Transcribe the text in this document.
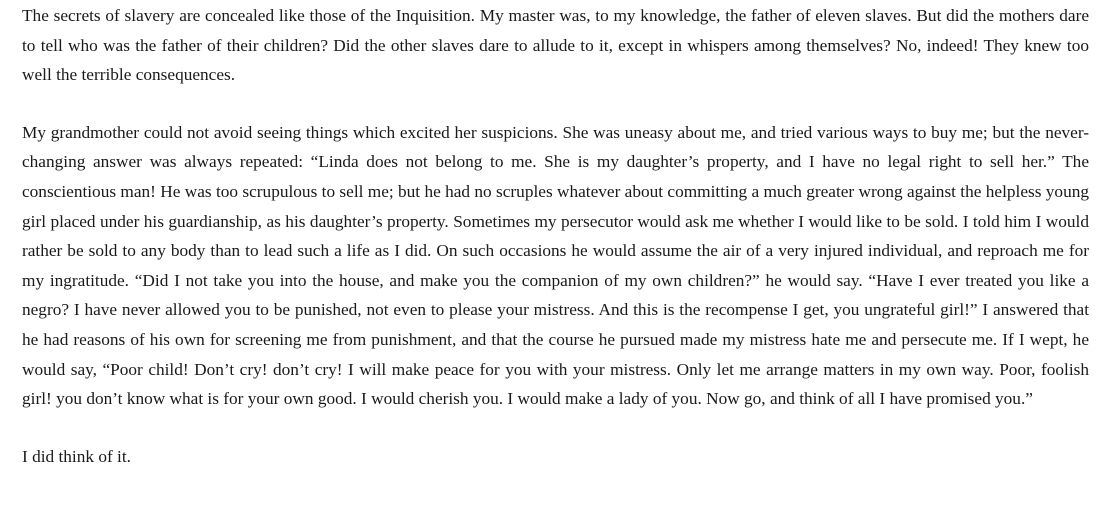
The secrets of slavery are concealed like those of the Inquisition. My master was, to my knowledge, the father of eleven slaves. But did the mothers dare to tell who was the father of their children? Did the other slaves dare to allude to it, except in whispers among themselves? No, indeed! They knew too well the terrible consequences.

My grandmother could not avoid seeing things which excited her suspicions. She was uneasy about me, and tried various ways to buy me; but the never-changing answer was always repeated: “Linda does not belong to me. She is my daughter’s property, and I have no legal right to sell her.” The conscientious man! He was too scrupulous to sell me; but he had no scruples whatever about committing a much greater wrong against the helpless young girl placed under his guardianship, as his daughter’s property. Sometimes my persecutor would ask me whether I would like to be sold. I told him I would rather be sold to any body than to lead such a life as I did. On such occasions he would assume the air of a very injured individual, and reproach me for my ingratitude. “Did I not take you into the house, and make you the companion of my own children?” he would say. “Have I ever treated you like a negro? I have never allowed you to be punished, not even to please your mistress. And this is the recompense I get, you ungrateful girl!” I answered that he had reasons of his own for screening me from punishment, and that the course he pursued made my mistress hate me and persecute me. If I wept, he would say, “Poor child! Don’t cry! don’t cry! I will make peace for you with your mistress. Only let me arrange matters in my own way. Poor, foolish girl! you don’t know what is for your own good. I would cherish you. I would make a lady of you. Now go, and think of all I have promised you.”

I did think of it.
